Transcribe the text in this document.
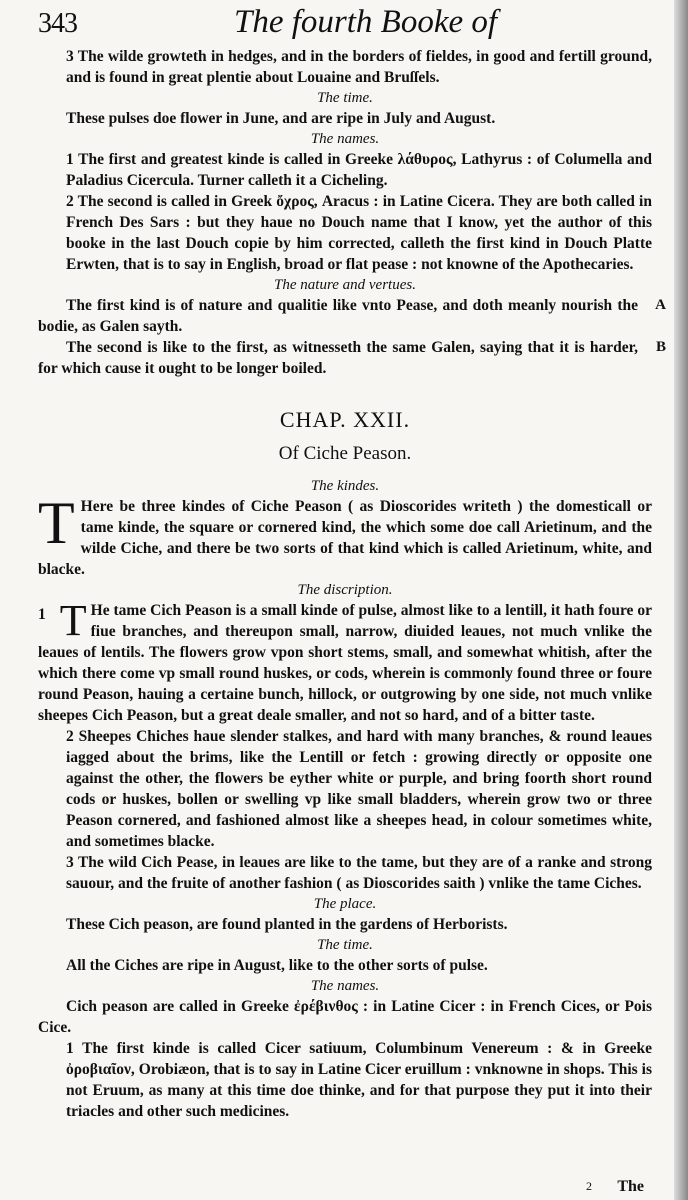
343	The fourth Booke of

3 The wilde growteth in hedges, and in the borders of fieldes, in good and fertill ground, and is found in great plentie about Louaine and Bruſſels.

The time.

These pulses doe flower in June, and are ripe in July and August.

The names.

1 The first and greatest kinde is called in Greeke λάθυρος, Lathyrus : of Columella and Paladius Cicercula. Turner calleth it a Cicheling.

2 The second is called in Greek ὄχρος, Aracus : in Latine Cicera. They are both called in French Des Sars : but they haue no Douch name that I know, yet the author of this booke in the last Douch copie by him corrected, calleth the first kind in Douch Platte Erwten, that is to say in English, broad or flat pease : not knowne of the Apothecaries.

The nature and vertues.

The first kind is of nature and qualitie like vnto Pease, and doth meanly nourish the bodie, as Galen sayth.

A

The second is like to the first, as witnesseth the same Galen, saying that it is harder, for which cause it ought to be longer boiled.

B

CHAP. XXII.

Of Ciche Peason.

The kindes.

T Here be three kindes of Ciche Peason ( as Dioscorides writeth ) the domesticall or tame kinde, the square or cornered kind, the which some doe call Arietinum, and the wilde Ciche, and there be two sorts of that kind which is called Arietinum, white, and blacke.

The discription.

1 T He tame Cich Peason is a small kinde of pulse, almost like to a lentill, it hath foure or fiue branches, and thereupon small, narrow, diuided leaues, not much vnlike the leaues of lentils. The flowers grow vpon short stems, small, and somewhat whitish, after the which there come vp small round huskes, or cods, wherein is commonly found three or foure round Peason, hauing a certaine bunch, hillock, or outgrowing by one side, not much vnlike sheepes Cich Peason, but a great deale smaller, and not so hard, and of a bitter taste.

2 Sheepes Chiches haue slender stalkes, and hard with many branches, & round leaues iagged about the brims, like the Lentill or fetch : growing directly or opposite one against the other, the flowers be eyther white or purple, and bring foorth short round cods or huskes, bollen or swelling vp like small bladders, wherein grow two or three Peason cornered, and fashioned almost like a sheepes head, in colour sometimes white, and sometimes blacke.

3 The wild Cich Pease, in leaues are like to the tame, but they are of a ranke and strong sauour, and the fruite of another fashion ( as Dioscorides saith ) vnlike the tame Ciches.

The place.

These Cich peason, are found planted in the gardens of Herborists.

The time.

All the Ciches are ripe in August, like to the other sorts of pulse.

The names.

Cich peason are called in Greeke ἐρέβινθος : in Latine Cicer : in French Cices, or Pois Cice.

1 The first kinde is called Cicer satiuum, Columbinum Venereum : & in Greeke ὀροβιαῖον, Orobiæon, that is to say in Latine Cicer eruillum : vnknowne in shops. This is not Eruum, as many at this time doe thinke, and for that purpose they put it into their triacles and other such medicines.

2 The
